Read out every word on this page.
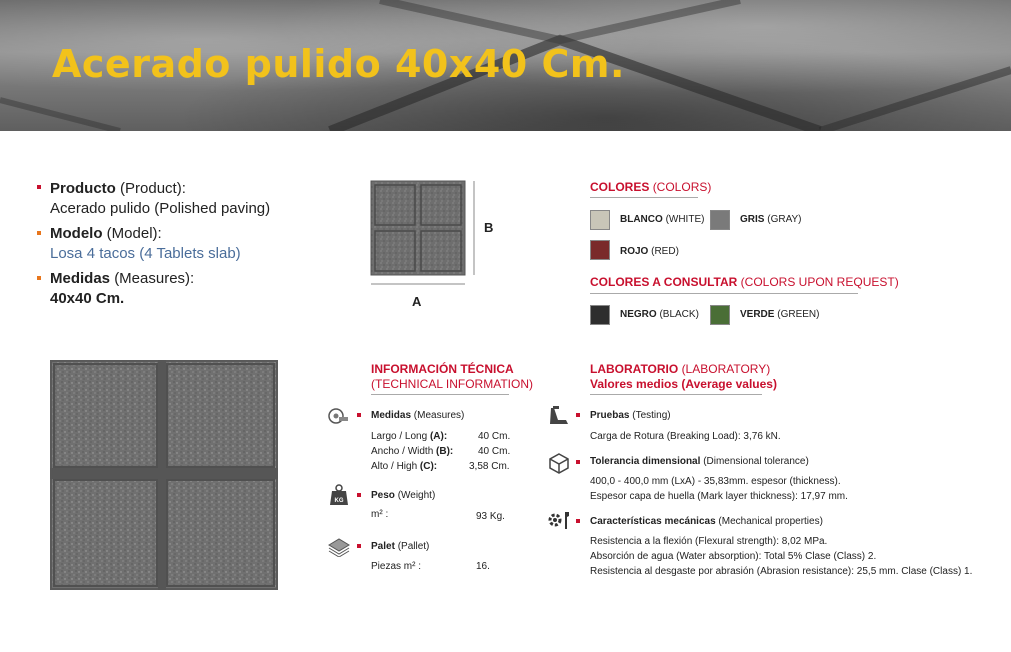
Acerado pulido 40x40 Cm.
Producto (Product):
Acerado pulido (Polished paving)
Modelo (Model):
Losa 4 tacos (4 Tablets slab)
Medidas (Measures):
40x40 Cm.
B
A
COLORES (COLORS)
BLANCO (WHITE)	GRIS (GRAY)
ROJO (RED)
COLORES A CONSULTAR (COLORS UPON REQUEST)
NEGRO (BLACK)	VERDE (GREEN)
INFORMACIÓN TÉCNICA
(TECHNICAL INFORMATION)
Medidas (Measures)
Largo / Long (A):	40 Cm.
Ancho / Width (B): 40 Cm.
Alto / High (C):	3,58 Cm.
KG	Peso (Weight)
m² :	93 Kg.
Palet (Pallet)
Piezas m² :	16.
LABORATORIO (LABORATORY)
Valores medios (Average values)
Pruebas (Testing)
Carga de Rotura (Breaking Load): 3,76 kN.
Tolerancia dimensional (Dimensional tolerance)
400,0 - 400,0 mm (LxA) - 35,83mm. espesor (thickness).
Espesor capa de huella (Mark layer thickness): 17,97 mm.
Características mecánicas (Mechanical properties)
Resistencia a la flexión (Flexural strength): 8,02 MPa.
Absorción de agua (Water absorption): Total 5% Clase (Class) 2.
Resistencia al desgaste por abrasión (Abrasion resistance): 25,5 mm. Clase (Class) 1.
